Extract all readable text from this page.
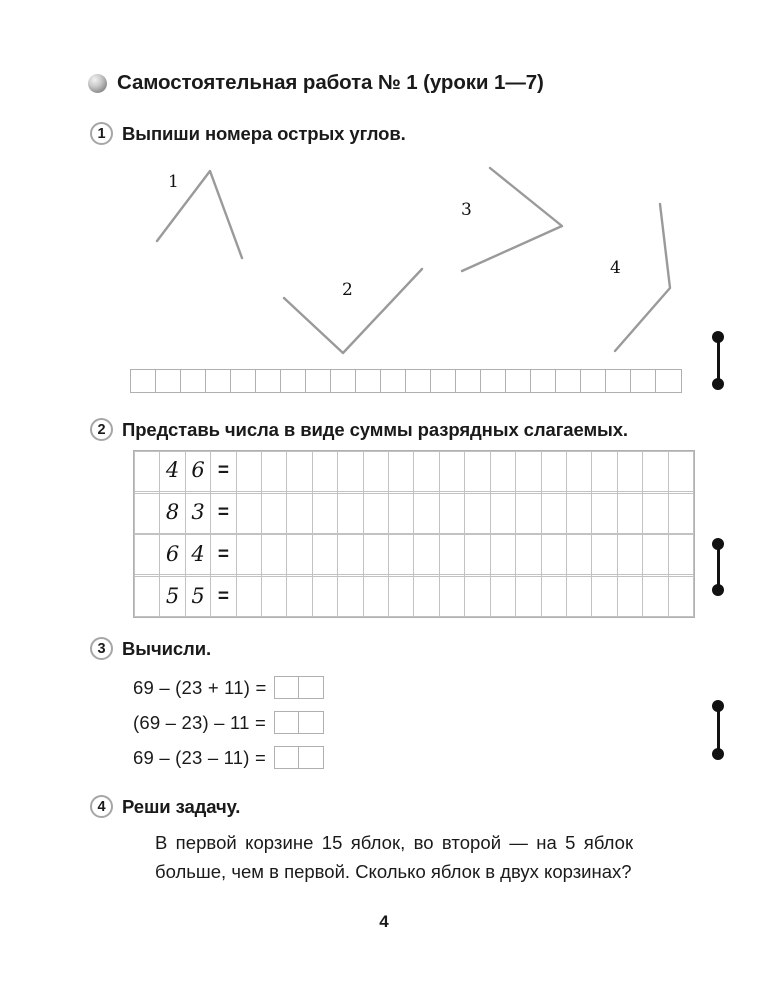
Самостоятельная работа № 1 (уроки 1—7)
1 Выпиши номера острых углов.
1
2
3
4
2 Представь числа в виде суммы разрядных слагаемых.
	4	6	=																		

	8	3	=																		

	6	4	=																		

	5	5	=																		
3 Вычисли.
69 – (23 + 11) =
(69 – 23) – 11 =
69 – (23 – 11) =
4 Реши задачу.
В первой корзине 15 яблок, во второй — на 5 яблок
больше, чем в первой. Сколько яблок в двух корзинах?
4
